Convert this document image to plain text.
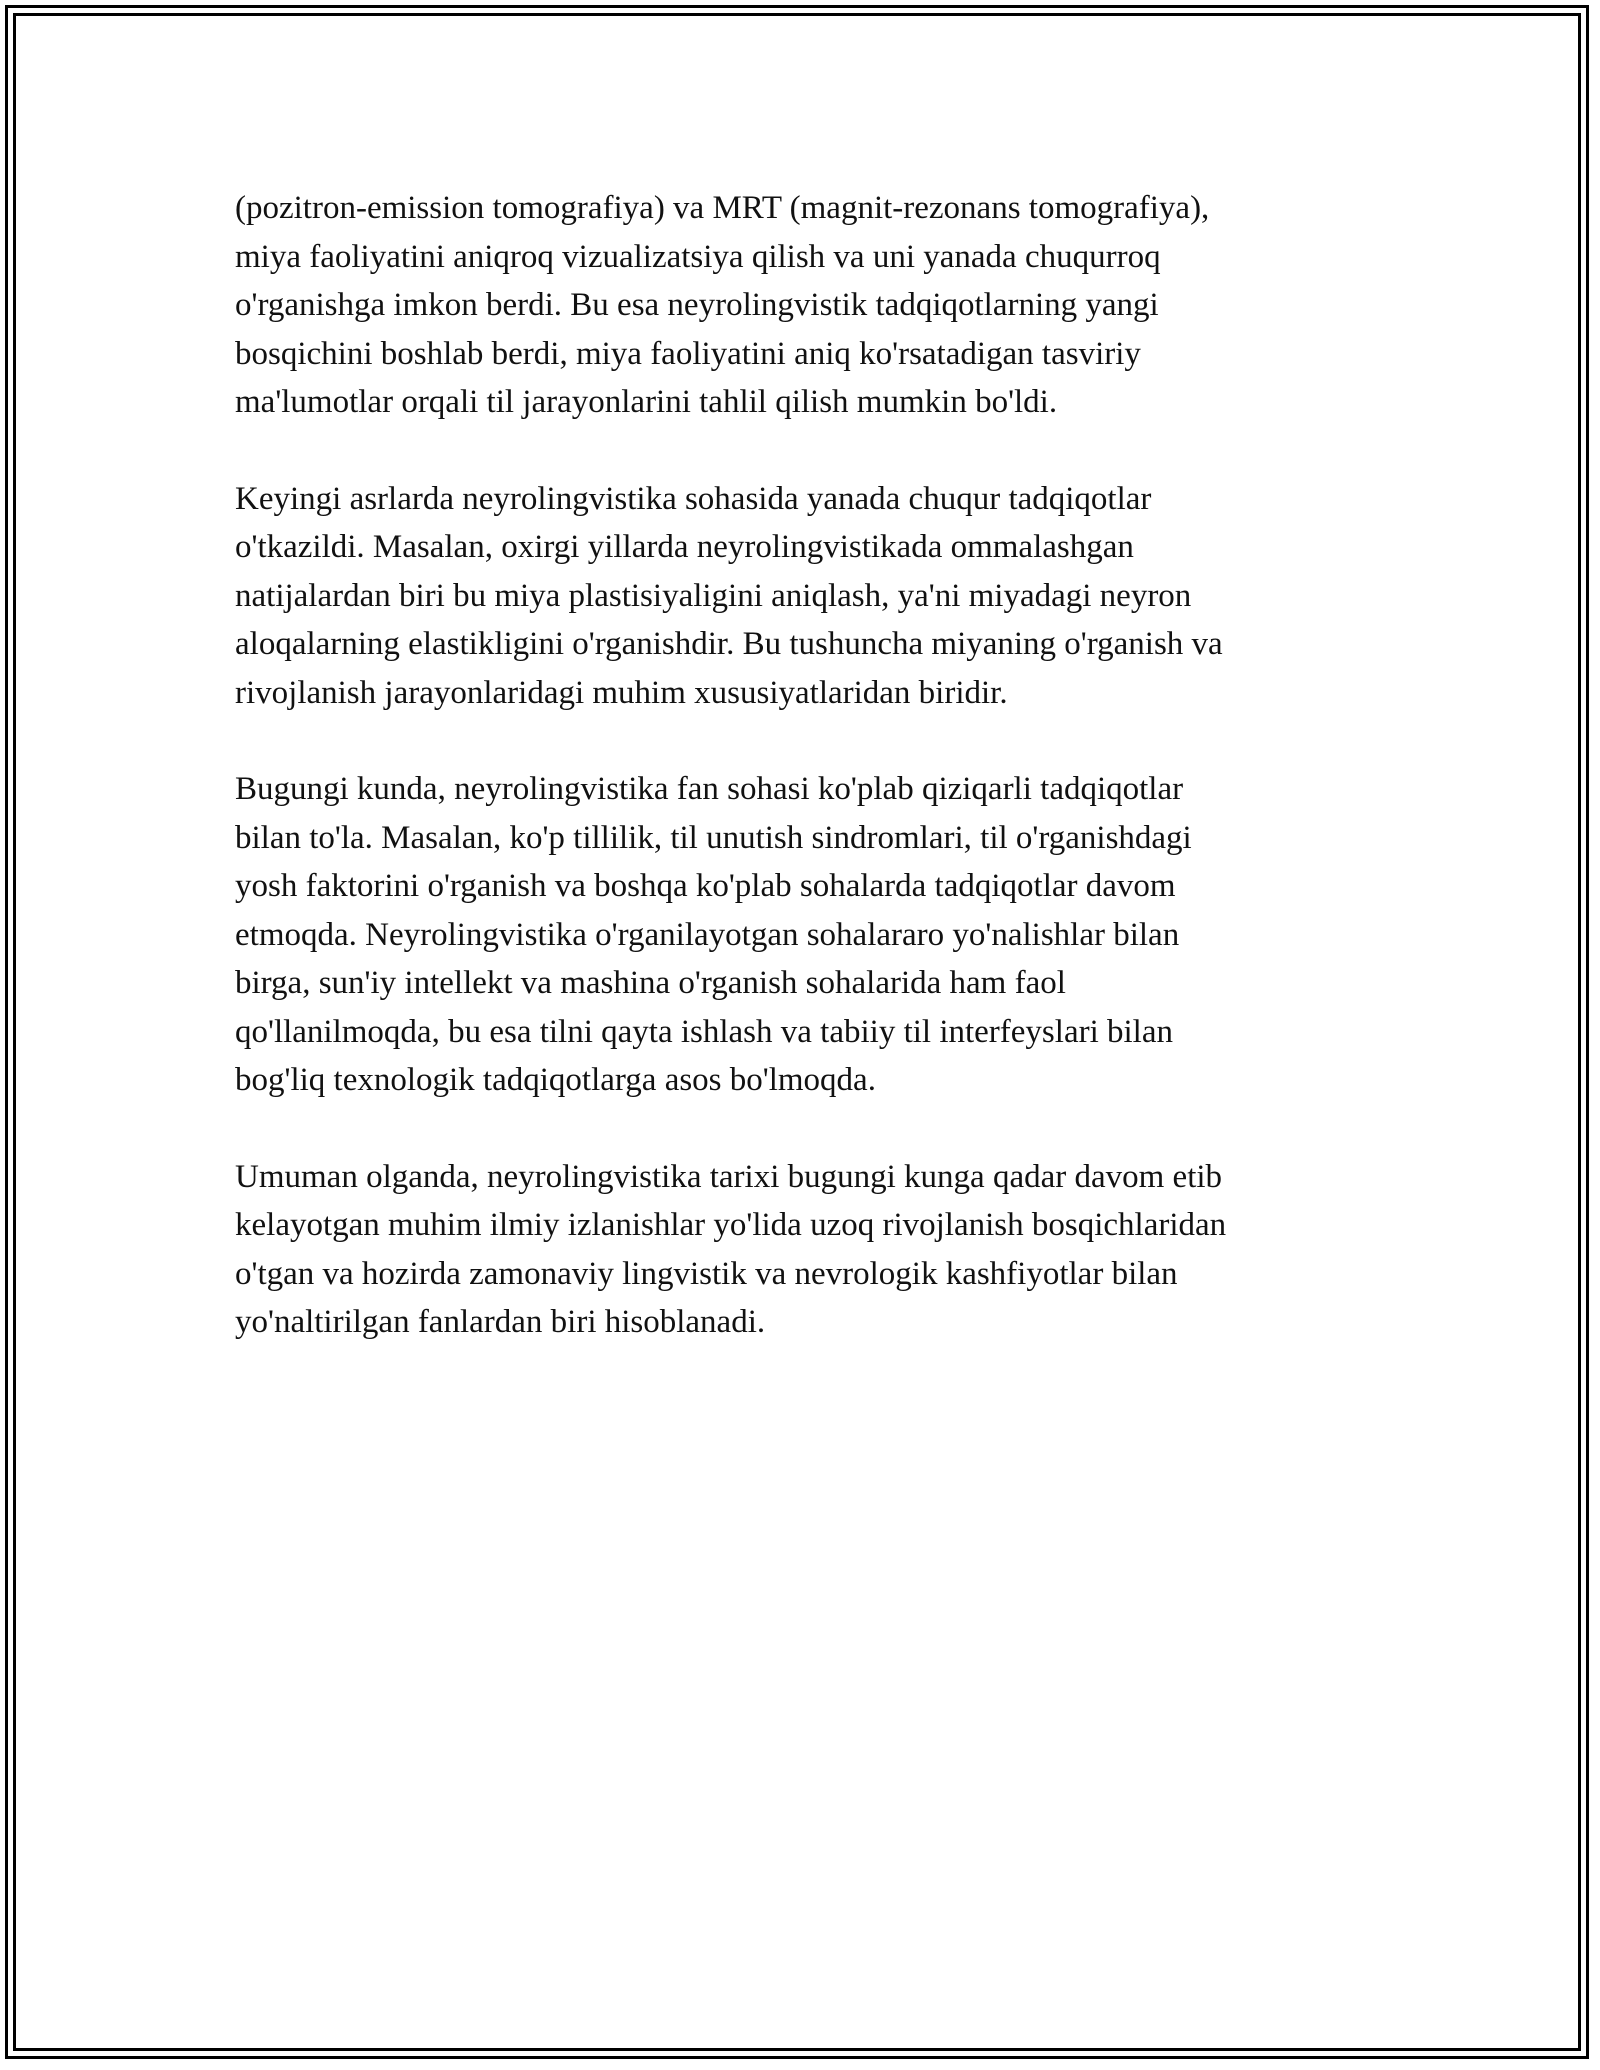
(pozitron-emission tomografiya) va MRT (magnit-rezonans tomografiya),
miya faoliyatini aniqroq vizualizatsiya qilish va uni yanada chuqurroq
o'rganishga imkon berdi. Bu esa neyrolingvistik tadqiqotlarning yangi
bosqichini boshlab berdi, miya faoliyatini aniq ko'rsatadigan tasviriy
ma'lumotlar orqali til jarayonlarini tahlil qilish mumkin bo'ldi.

Keyingi asrlarda neyrolingvistika sohasida yanada chuqur tadqiqotlar
o'tkazildi. Masalan, oxirgi yillarda neyrolingvistikada ommalashgan
natijalardan biri bu miya plastisiyaligini aniqlash, ya'ni miyadagi neyron
aloqalarning elastikligini o'rganishdir. Bu tushuncha miyaning o'rganish va
rivojlanish jarayonlaridagi muhim xususiyatlaridan biridir.

Bugungi kunda, neyrolingvistika fan sohasi ko'plab qiziqarli tadqiqotlar
bilan to'la. Masalan, ko'p tillilik, til unutish sindromlari, til o'rganishdagi
yosh faktorini o'rganish va boshqa ko'plab sohalarda tadqiqotlar davom
etmoqda. Neyrolingvistika o'rganilayotgan sohalararo yo'nalishlar bilan
birga, sun'iy intellekt va mashina o'rganish sohalarida ham faol
qo'llanilmoqda, bu esa tilni qayta ishlash va tabiiy til interfeyslari bilan
bog'liq texnologik tadqiqotlarga asos bo'lmoqda.

Umuman olganda, neyrolingvistika tarixi bugungi kunga qadar davom etib
kelayotgan muhim ilmiy izlanishlar yo'lida uzoq rivojlanish bosqichlaridan
o'tgan va hozirda zamonaviy lingvistik va nevrologik kashfiyotlar bilan
yo'naltirilgan fanlardan biri hisoblanadi.
